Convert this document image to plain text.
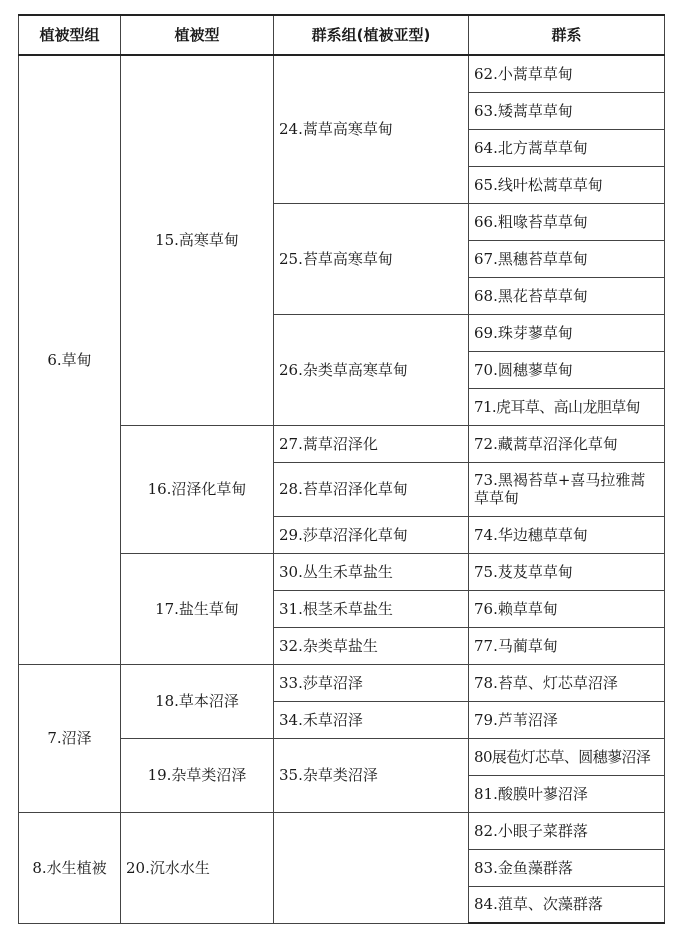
植被型组	植被型	群系组(植被亚型)	群系
6.草甸	15.高寒草甸	24.蒿草高寒草甸	62.小蒿草草甸
			63.矮蒿草草甸
			64.北方蒿草草甸
			65.线叶松蒿草草甸
		25.苔草高寒草甸	66.粗喙苔草草甸
			67.黑穗苔草草甸
			68.黑花苔草草甸
		26.杂类草高寒草甸	69.珠芽蓼草甸
			70.圆穗蓼草甸
			71.虎耳草、高山龙胆草甸
	16.沼泽化草甸	27.蒿草沼泽化	72.藏蒿草沼泽化草甸
		28.苔草沼泽化草甸	73.黑褐苔草+喜马拉雅蒿草草甸
		29.莎草沼泽化草甸	74.华边穗草草甸
	17.盐生草甸	30.丛生禾草盐生	75.芨芨草草甸
		31.根茎禾草盐生	76.赖草草甸
		32.杂类草盐生	77.马蔺草甸
7.沼泽	18.草本沼泽	33.莎草沼泽	78.苔草、灯芯草沼泽
		34.禾草沼泽	79.芦苇沼泽
	19.杂草类沼泽	35.杂草类沼泽	80展苞灯芯草、圆穗蓼沼泽
			81.酸膜叶蓼沼泽
8.水生植被	20.沉水水生		82.小眼子菜群落
			83.金鱼藻群落
			84.菹草、次藻群落
